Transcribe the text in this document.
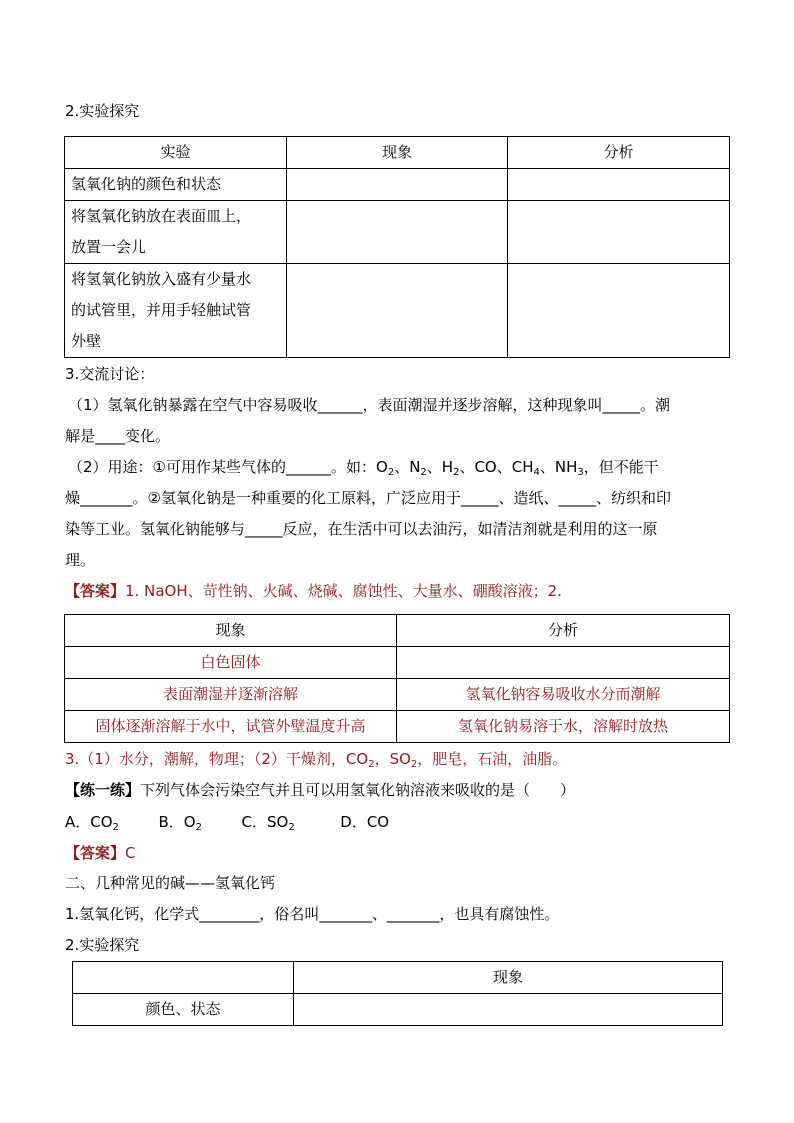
2.实验探究
实验	现象	分析
氢氧化钠的颜色和状态		

将氢氧化钠放在表面皿上，
放置一会儿		

将氢氧化钠放入盛有少量水
的试管里，并用手轻触试管
外壁		

3.交流讨论：
（1）氢氧化钠暴露在空气中容易吸收______，表面潮湿并逐步溶解，这种现象叫_____。潮
解是____变化。
（2）用途：①可用作某些气体的______。如：$O_2$、$N_2$、$H_2$、CO、$CH_4$、$NH_3$，但不能干
燥_______。②氢氧化钠是一种重要的化工原料，广泛应用于_____、造纸、_____、纺织和印
染等工业。氢氧化钠能够与_____反应，在生活中可以去油污，如清洁剂就是利用的这一原
理。
【答案】1. NaOH、苛性钠、火碱、烧碱、腐蚀性、大量水、硼酸溶液；2.
现象	分析
白色固体	
表面潮湿并逐渐溶解	氢氧化钠容易吸收水分而潮解
固体逐渐溶解于水中，试管外壁温度升高	氢氧化钠易溶于水，溶解时放热
3.（1）水分，潮解，物理；（2）干燥剂，$CO_2$，$SO_2$，肥皂，石油，油脂。
【练一练】下列气体会污染空气并且可以用氢氧化钠溶液来吸收的是（　　）
A．$CO_2$	B．$O_2$	C．$SO_2$	D．CO
【答案】C
二、几种常见的碱——氢氧化钙
1.氢氧化钙，化学式________，俗名叫_______、_______，也具有腐蚀性。
2.实验探究
	现象
颜色、状态	
